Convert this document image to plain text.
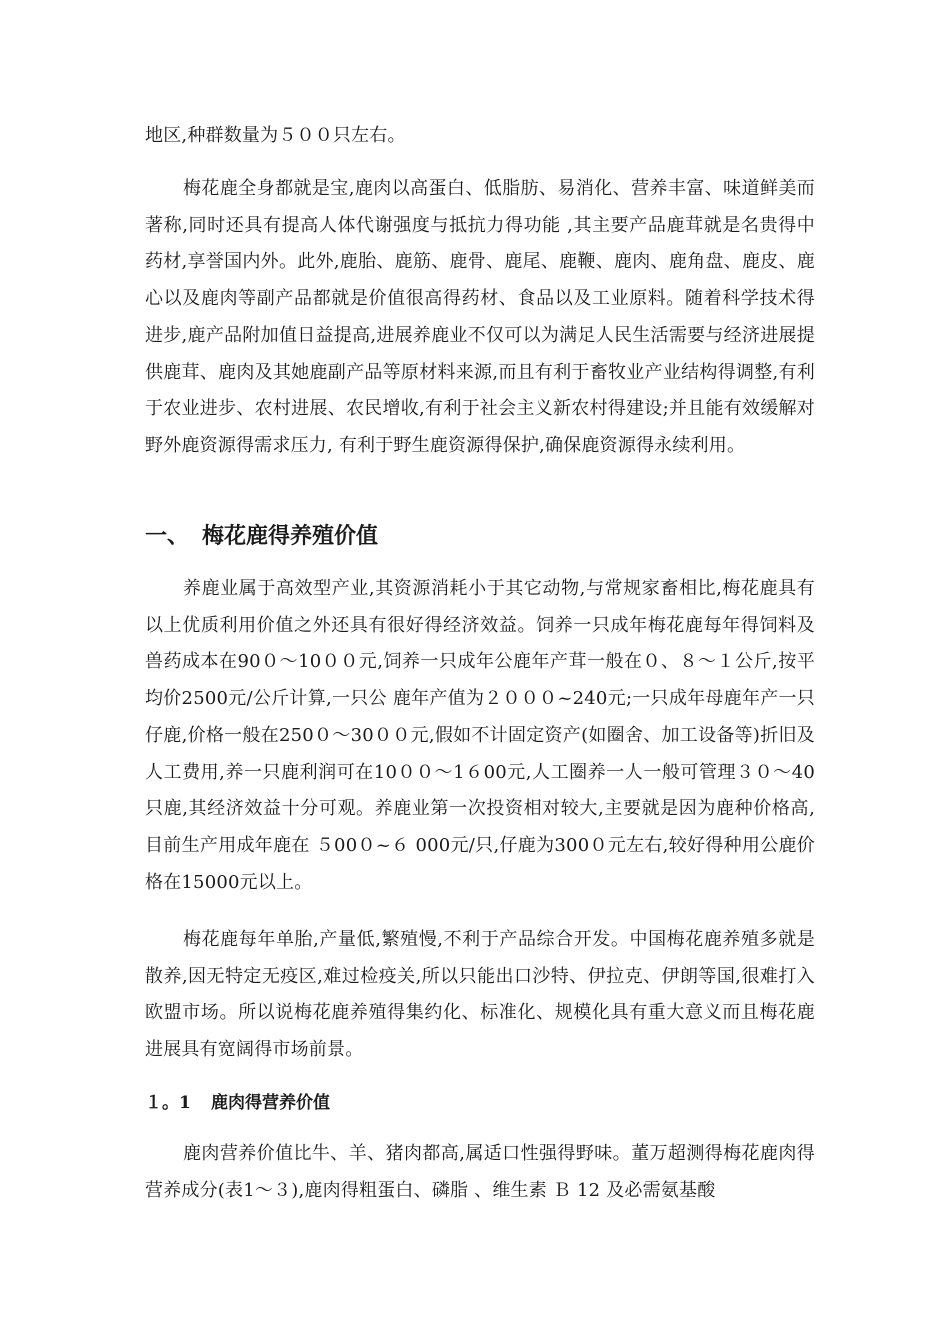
地区,种群数量为５００只左右。

梅花鹿全身都就是宝,鹿肉以高蛋白、低脂肪、易消化、营养丰富、味道鲜美而著称,同时还具有提高人体代谢强度与抵抗力得功能 ,其主要产品鹿茸就是名贵得中药材,享誉国内外。此外,鹿胎、鹿筋、鹿骨、鹿尾、鹿鞭、鹿肉、鹿角盘、鹿皮、鹿心以及鹿肉等副产品都就是价值很高得药材、食品以及工业原料。随着科学技术得进步,鹿产品附加值日益提高,进展养鹿业不仅可以为满足人民生活需要与经济进展提供鹿茸、鹿肉及其她鹿副产品等原材料来源,而且有利于畜牧业产业结构得调整,有利于农业进步、农村进展、农民增收,有利于社会主义新农村得建设;并且能有效缓解对野外鹿资源得需求压力, 有利于野生鹿资源得保护,确保鹿资源得永续利用。

一、 梅花鹿得养殖价值

养鹿业属于高效型产业,其资源消耗小于其它动物,与常规家畜相比,梅花鹿具有以上优质利用价值之外还具有很好得经济效益。饲养一只成年梅花鹿每年得饲料及兽药成本在90０～10００元,饲养一只成年公鹿年产茸一般在０、８～１公斤,按平均价2500元/公斤计算,一只公 鹿年产值为２０００~240元;一只成年母鹿年产一只仔鹿,价格一般在250０～30００元,假如不计固定资产(如圈舍、加工设备等)折旧及人工费用,养一只鹿利润可在10００～1６00元,人工圈养一人一般可管理３０～40只鹿,其经济效益十分可观。养鹿业第一次投资相对较大,主要就是因为鹿种价格高,目前生产用成年鹿在 ５00０~６ 000元/只,仔鹿为300０元左右,较好得种用公鹿价格在15000元以上。

梅花鹿每年单胎,产量低,繁殖慢,不利于产品综合开发。中国梅花鹿养殖多就是散养,因无特定无疫区,难过检疫关,所以只能出口沙特、伊拉克、伊朗等国,很难打入欧盟市场。所以说梅花鹿养殖得集约化、标准化、规模化具有重大意义而且梅花鹿进展具有宽阔得市场前景。

１。1 鹿肉得营养价值

鹿肉营养价值比牛、羊、猪肉都高,属适口性强得野味。董万超测得梅花鹿肉得营养成分(表1～３),鹿肉得粗蛋白、磷脂 、维生素 Ｂ 12 及必需氨基酸
